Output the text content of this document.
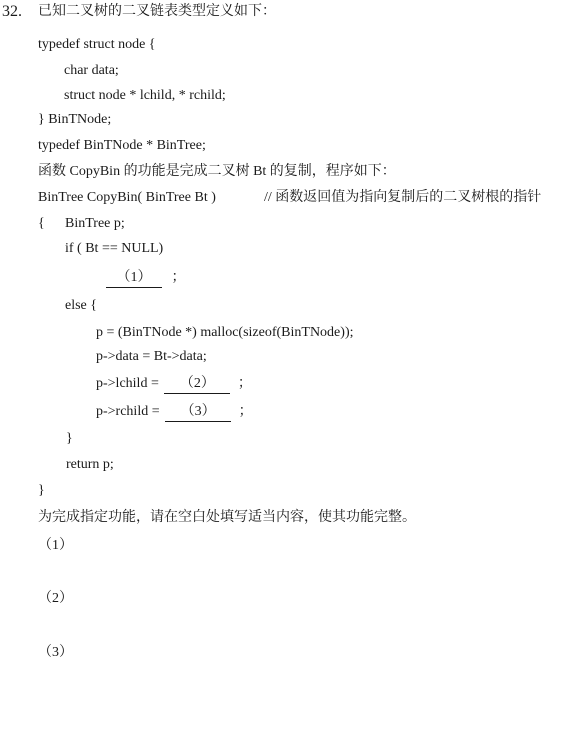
32. 已知二叉树的二叉链表类型定义如下：
typedef struct node {
char data;
struct node * lchild, * rchild;
} BinTNode;
typedef BinTNode * BinTree;
函数 CopyBin 的功能是完成二叉树 Bt 的复制，程序如下：
BinTree CopyBin( BinTree Bt )	// 函数返回值为指向复制后的二叉树根的指针
{ BinTree p;
if ( Bt == NULL)
（1） ；
else {
p = (BinTNode *) malloc(sizeof(BinTNode));
p->data = Bt->data;
p->lchild = （2） ；
p->rchild = （3） ；
}
return p;
}
为完成指定功能，请在空白处填写适当内容，使其功能完整。
（1）
（2）
（3）
